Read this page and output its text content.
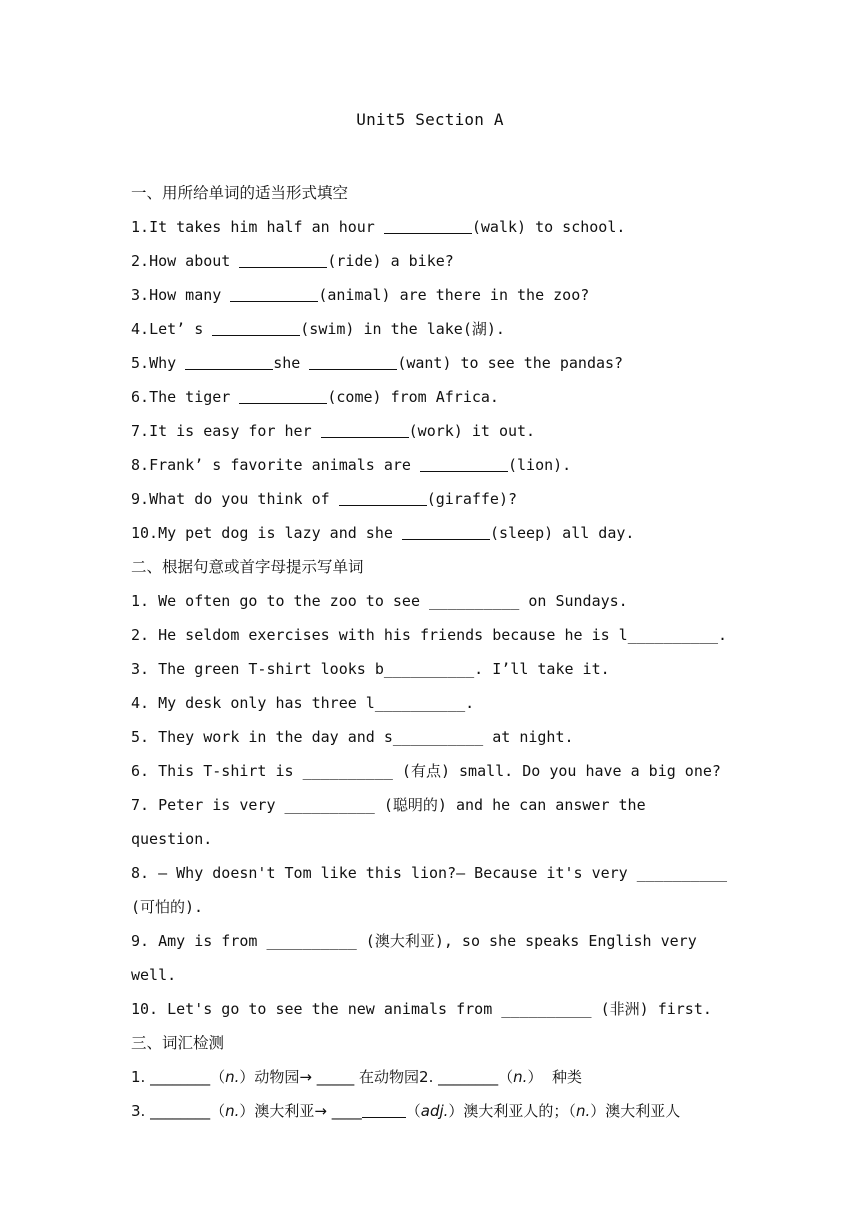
Unit5 Section A
一、用所给单词的适当形式填空
1.It takes him half an hour	(walk) to school.
2.How about	(ride) a bike?
3.How many	(animal) are there in the zoo?
4.Let’ s	(swim) in the lake(湖).
5.Why	she	(want) to see the pandas?
6.The tiger	(come) from Africa.
7.It is easy for her	(work) it out.
8.Frank’ s favorite animals are	(lion).
9.What do you think of	(giraffe)?
10.My pet dog is lazy and she	(sleep) all day.
二、根据句意或首字母提示写单词
1. We often go to the zoo to see __________ on Sundays.
2. He seldom exercises with his friends because he is l__________.
3. The green T-shirt looks b__________. I’ll take it.
4. My desk only has three l__________.
5. They work in the day and s__________ at night.
6. This T-shirt is __________ (有点) small. Do you have a big one?
7. Peter is very __________ (聪明的) and he can answer the question.
8. — Why doesn't Tom like this lion?— Because it's very __________ (可怕的).
9. Amy is from __________ (澳大利亚), so she speaks English very well.
10. Let's go to see the new animals from __________ (非洲) first.
三、词汇检测
1. ________（n.）动物园→ _____ 在动物园2. ________（n.）  种类
3. ________（n.）澳大利亚→ ____	（adj.）澳大利亚人的；（n.）澳大利亚人
